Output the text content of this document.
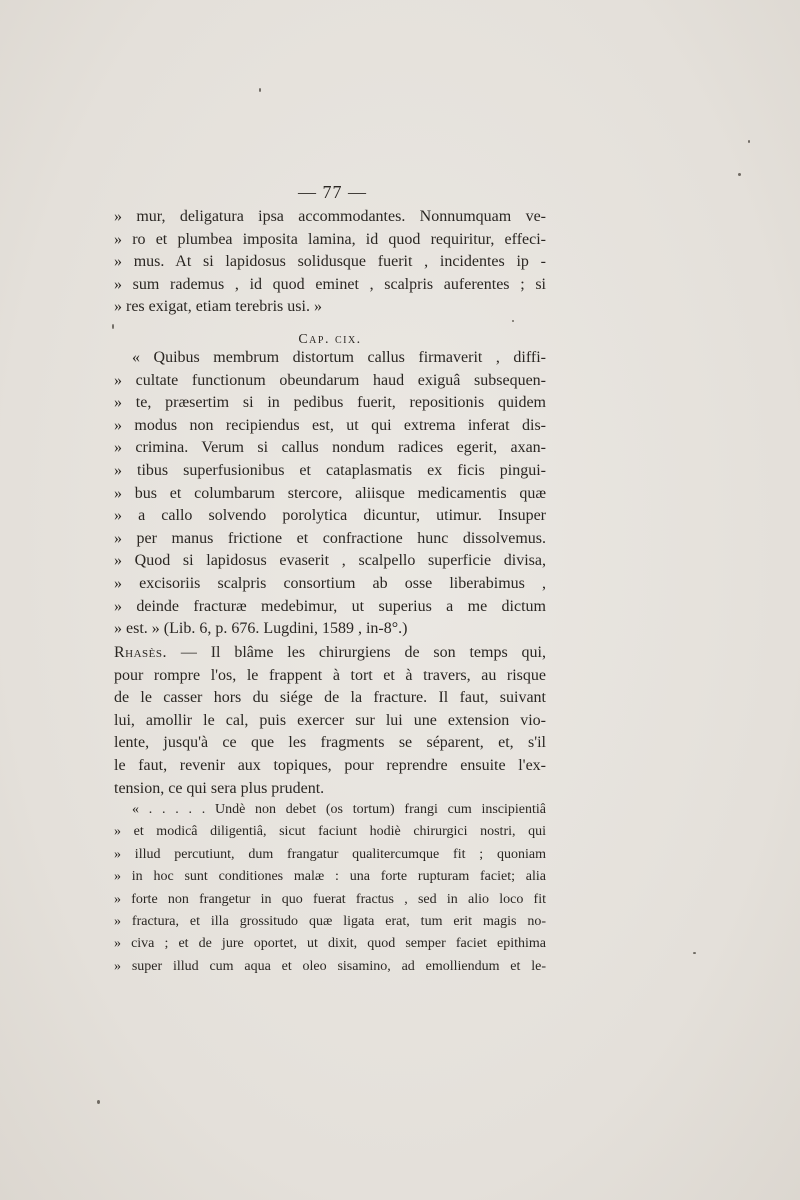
— 77 —
» mur, deligatura ipsa accommodantes. Nonnumquam ve-
» ro et plumbea imposita lamina, id quod requiritur, effeci-
» mus. At si lapidosus solidusque fuerit , incidentes ip -
» sum rademus , id quod eminet , scalpris auferentes ; si
» res exigat, etiam terebris usi. »
Cap. cix.
« Quibus membrum distortum callus firmaverit , diffi-
» cultate functionum obeundarum haud exiguâ subsequen-
» te, præsertim si in pedibus fuerit, repositionis quidem
» modus non recipiendus est, ut qui extrema inferat dis-
» crimina. Verum si callus nondum radices egerit, axan-
» tibus superfusionibus et cataplasmatis ex ficis pingui-
» bus et columbarum stercore, aliisque medicamentis quæ
» a callo solvendo porolytica dicuntur, utimur. Insuper
» per manus frictione et confractione hunc dissolvemus.
» Quod si lapidosus evaserit , scalpello superficie divisa,
» excisoriis scalpris consortium ab osse liberabimus ,
» deinde fracturæ medebimur, ut superius a me dictum
» est. » (Lib. 6, p. 676. Lugdini, 1589 , in-8°.)
Rhasès. — Il blâme les chirurgiens de son temps qui,
pour rompre l'os, le frappent à tort et à travers, au risque
de le casser hors du siége de la fracture. Il faut, suivant
lui, amollir le cal, puis exercer sur lui une extension vio-
lente, jusqu'à ce que les fragments se séparent, et, s'il
le faut, revenir aux topiques, pour reprendre ensuite l'ex-
tension, ce qui sera plus prudent.
« . . . . . Undè non debet (os tortum) frangi cum inscipientiâ
» et modicâ diligentiâ, sicut faciunt hodiè chirurgici nostri, qui
» illud percutiunt, dum frangatur qualitercumque fit ; quoniam
» in hoc sunt conditiones malæ : una forte rupturam faciet; alia
» forte non frangetur in quo fuerat fractus , sed in alio loco fit
» fractura, et illa grossitudo quæ ligata erat, tum erit magis no-
» civa ; et de jure oportet, ut dixit, quod semper faciet epithima
» super illud cum aqua et oleo sisamino, ad emolliendum et le-
